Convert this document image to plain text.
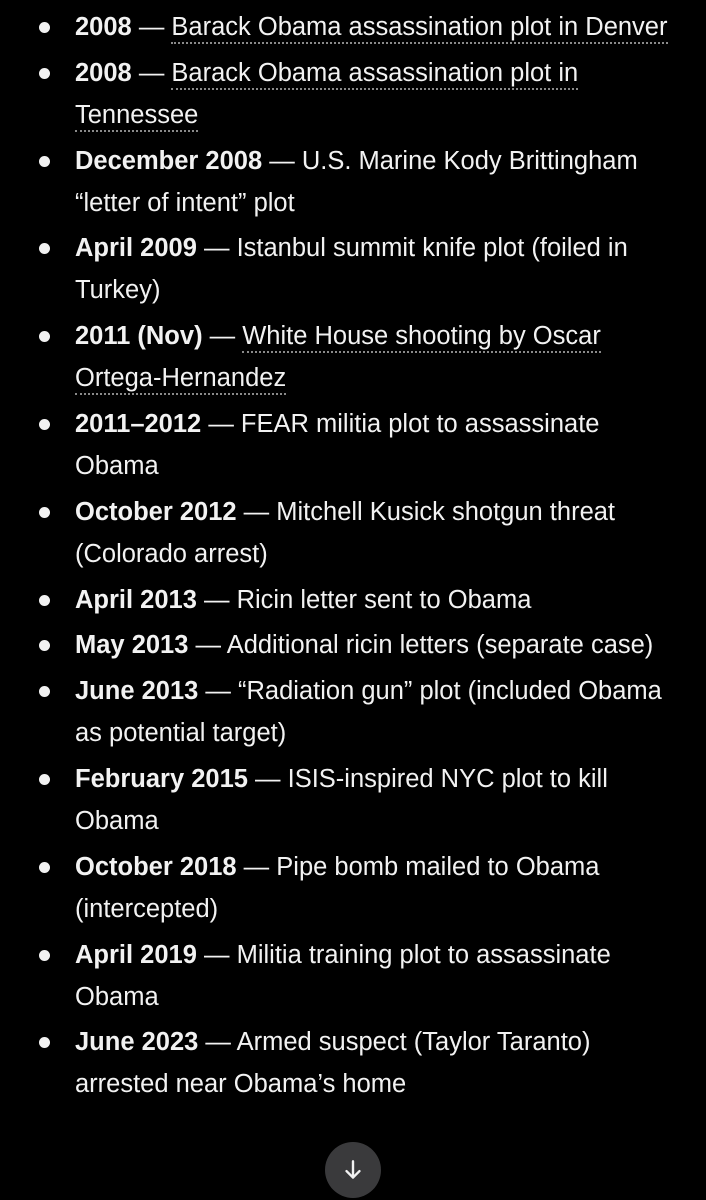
2008 — Barack Obama assassination plot in Denver
2008 — Barack Obama assassination plot in Tennessee
December 2008 — U.S. Marine Kody Brittingham “letter of intent” plot
April 2009 — Istanbul summit knife plot (foiled in Turkey)
2011 (Nov) — White House shooting by Oscar Ortega-Hernandez
2011–2012 — FEAR militia plot to assassinate Obama
October 2012 — Mitchell Kusick shotgun threat (Colorado arrest)
April 2013 — Ricin letter sent to Obama
May 2013 — Additional ricin letters (separate case)
June 2013 — “Radiation gun” plot (included Obama as potential target)
February 2015 — ISIS-inspired NYC plot to kill Obama
October 2018 — Pipe bomb mailed to Obama (intercepted)
April 2019 — Militia training plot to assassinate Obama
June 2023 — Armed suspect (Taylor Taranto) arrested near Obama’s home
